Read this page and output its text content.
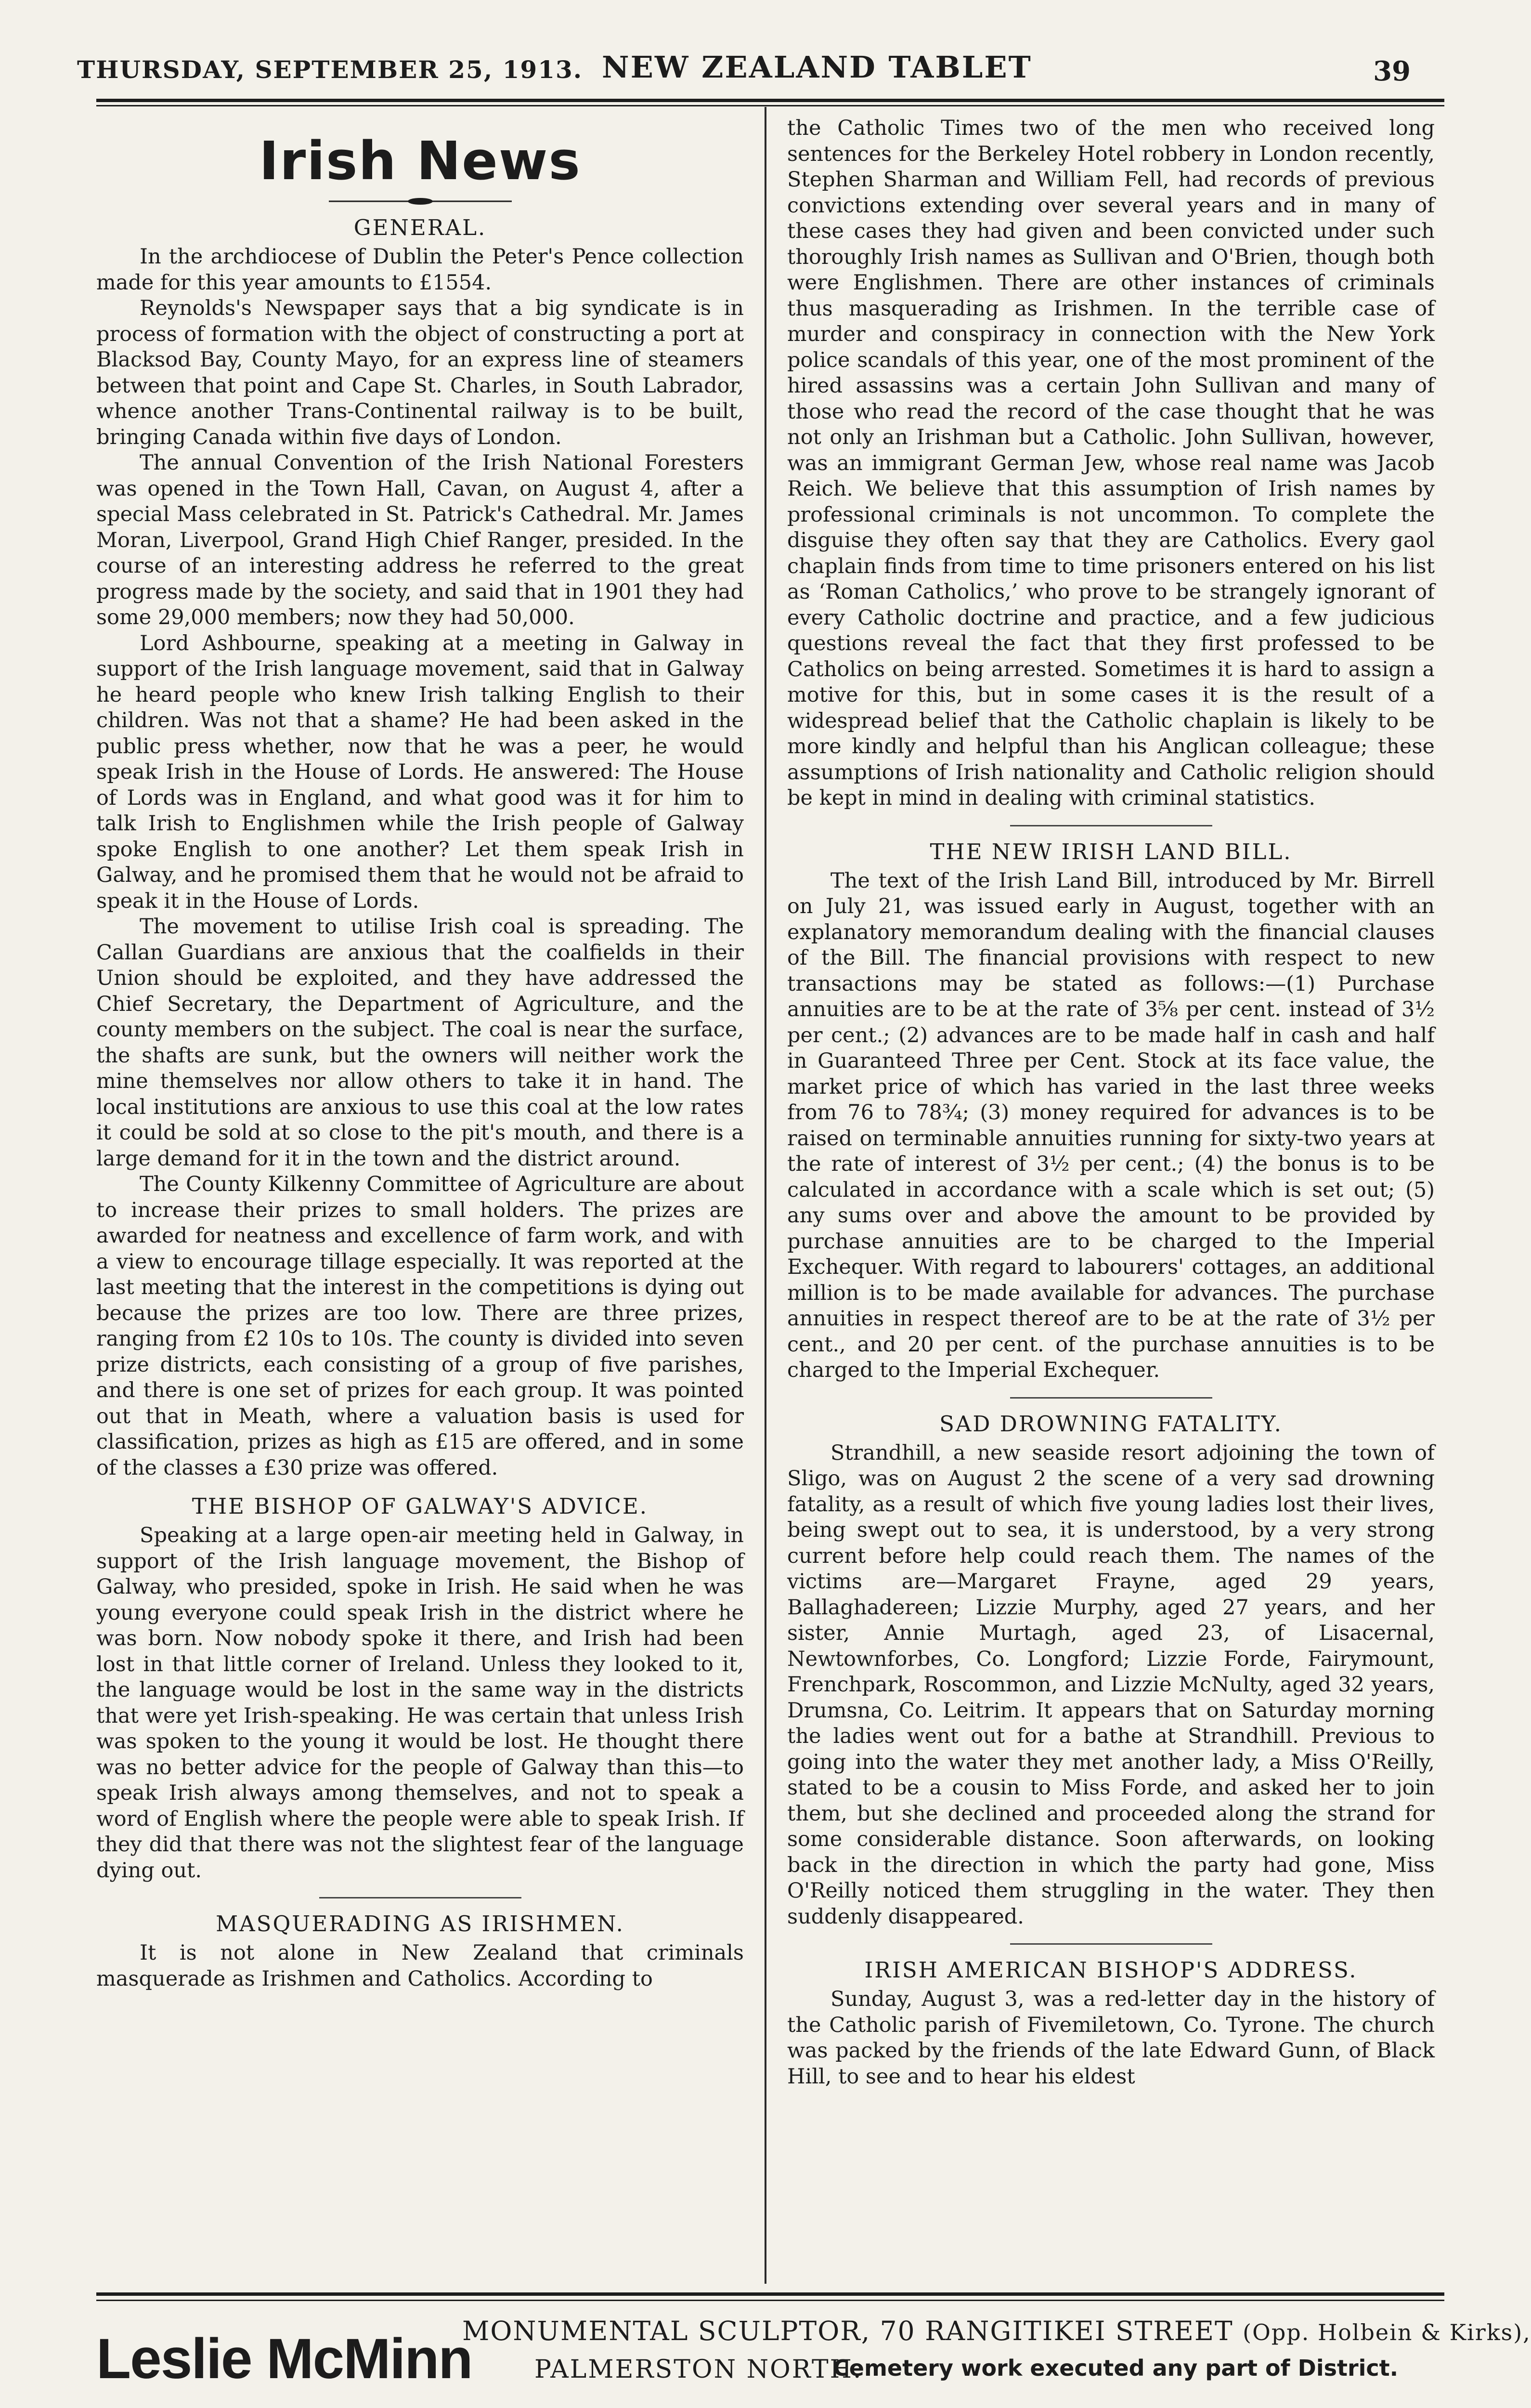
THURSDAY, SEPTEMBER 25, 1913. NEW ZEALAND TABLET	39
Irish News
GENERAL.

In the archdiocese of Dublin the Peter's Pence collection made for this year amounts to £1554.

Reynolds's Newspaper says that a big syndicate is in process of formation with the object of constructing a port at Blacksod Bay, County Mayo, for an express line of steamers between that point and Cape St. Charles, in South Labrador, whence another Trans-Continental railway is to be built, bringing Canada within five days of London.

The annual Convention of the Irish National Foresters was opened in the Town Hall, Cavan, on August 4, after a special Mass celebrated in St. Patrick's Cathedral. Mr. James Moran, Liverpool, Grand High Chief Ranger, presided. In the course of an interesting address he referred to the great progress made by the society, and said that in 1901 they had some 29,000 members; now they had 50,000.

Lord Ashbourne, speaking at a meeting in Galway in support of the Irish language movement, said that in Galway he heard people who knew Irish talking English to their children. Was not that a shame? He had been asked in the public press whether, now that he was a peer, he would speak Irish in the House of Lords. He answered: The House of Lords was in England, and what good was it for him to talk Irish to Englishmen while the Irish people of Galway spoke English to one another? Let them speak Irish in Galway, and he promised them that he would not be afraid to speak it in the House of Lords.

The movement to utilise Irish coal is spreading. The Callan Guardians are anxious that the coalfields in their Union should be exploited, and they have addressed the Chief Secretary, the Department of Agriculture, and the county members on the subject. The coal is near the surface, the shafts are sunk, but the owners will neither work the mine themselves nor allow others to take it in hand. The local institutions are anxious to use this coal at the low rates it could be sold at so close to the pit's mouth, and there is a large demand for it in the town and the district around.

The County Kilkenny Committee of Agriculture are about to increase their prizes to small holders. The prizes are awarded for neatness and excellence of farm work, and with a view to encourage tillage especially. It was reported at the last meeting that the interest in the competitions is dying out because the prizes are too low. There are three prizes, ranging from £2 10s to 10s. The county is divided into seven prize districts, each consisting of a group of five parishes, and there is one set of prizes for each group. It was pointed out that in Meath, where a valuation basis is used for classification, prizes as high as £15 are offered, and in some of the classes a £30 prize was offered.

THE BISHOP OF GALWAY'S ADVICE.

Speaking at a large open-air meeting held in Galway, in support of the Irish language movement, the Bishop of Galway, who presided, spoke in Irish. He said when he was young everyone could speak Irish in the district where he was born. Now nobody spoke it there, and Irish had been lost in that little corner of Ireland. Unless they looked to it, the language would be lost in the same way in the districts that were yet Irish-speaking. He was certain that unless Irish was spoken to the young it would be lost. He thought there was no better advice for the people of Galway than this—to speak Irish always among themselves, and not to speak a word of English where the people were able to speak Irish. If they did that there was not the slightest fear of the language dying out.

MASQUERADING AS IRISHMEN.

It is not alone in New Zealand that criminals masquerade as Irishmen and Catholics. According to

the Catholic Times two of the men who received long sentences for the Berkeley Hotel robbery in London recently, Stephen Sharman and William Fell, had records of previous convictions extending over several years and in many of these cases they had given and been convicted under such thoroughly Irish names as Sullivan and O'Brien, though both were Englishmen. There are other instances of criminals thus masquerading as Irishmen. In the terrible case of murder and conspiracy in connection with the New York police scandals of this year, one of the most prominent of the hired assassins was a certain John Sullivan and many of those who read the record of the case thought that he was not only an Irishman but a Catholic. John Sullivan, however, was an immigrant German Jew, whose real name was Jacob Reich. We believe that this assumption of Irish names by professional criminals is not uncommon. To complete the disguise they often say that they are Catholics. Every gaol chaplain finds from time to time prisoners entered on his list as ‘Roman Catholics,’ who prove to be strangely ignorant of every Catholic doctrine and practice, and a few judicious questions reveal the fact that they first professed to be Catholics on being arrested. Sometimes it is hard to assign a motive for this, but in some cases it is the result of a widespread belief that the Catholic chaplain is likely to be more kindly and helpful than his Anglican colleague; these assumptions of Irish nationality and Catholic religion should be kept in mind in dealing with criminal statistics.

THE NEW IRISH LAND BILL.

The text of the Irish Land Bill, introduced by Mr. Birrell on July 21, was issued early in August, together with an explanatory memorandum dealing with the financial clauses of the Bill. The financial provisions with respect to new transactions may be stated as follows:—(1) Purchase annuities are to be at the rate of 3⅝ per cent. instead of 3½ per cent.; (2) advances are to be made half in cash and half in Guaranteed Three per Cent. Stock at its face value, the market price of which has varied in the last three weeks from 76 to 78¾; (3) money required for advances is to be raised on terminable annuities running for sixty-two years at the rate of interest of 3½ per cent.; (4) the bonus is to be calculated in accordance with a scale which is set out; (5) any sums over and above the amount to be provided by purchase annuities are to be charged to the Imperial Exchequer. With regard to labourers' cottages, an additional million is to be made available for advances. The purchase annuities in respect thereof are to be at the rate of 3½ per cent., and 20 per cent. of the purchase annuities is to be charged to the Imperial Exchequer.

SAD DROWNING FATALITY.

Strandhill, a new seaside resort adjoining the town of Sligo, was on August 2 the scene of a very sad drowning fatality, as a result of which five young ladies lost their lives, being swept out to sea, it is understood, by a very strong current before help could reach them. The names of the victims are—Margaret Frayne, aged 29 years, Ballaghadereen; Lizzie Murphy, aged 27 years, and her sister, Annie Murtagh, aged 23, of Lisacernal, Newtownforbes, Co. Longford; Lizzie Forde, Fairymount, Frenchpark, Roscommon, and Lizzie McNulty, aged 32 years, Drumsna, Co. Leitrim. It appears that on Saturday morning the ladies went out for a bathe at Strandhill. Previous to going into the water they met another lady, a Miss O'Reilly, stated to be a cousin to Miss Forde, and asked her to join them, but she declined and proceeded along the strand for some considerable distance. Soon afterwards, on looking back in the direction in which the party had gone, Miss O'Reilly noticed them struggling in the water. They then suddenly disappeared.

IRISH AMERICAN BISHOP'S ADDRESS.

Sunday, August 3, was a red-letter day in the history of the Catholic parish of Fivemiletown, Co. Tyrone. The church was packed by the friends of the late Edward Gunn, of Black Hill, to see and to hear his eldest

Leslie McMinn
MONUMENTAL SCULPTOR, 70 RANGITIKEI STREET (Opp. Holbein & Kirks),
PALMERSTON NORTH.
Cemetery work executed any part of District.
